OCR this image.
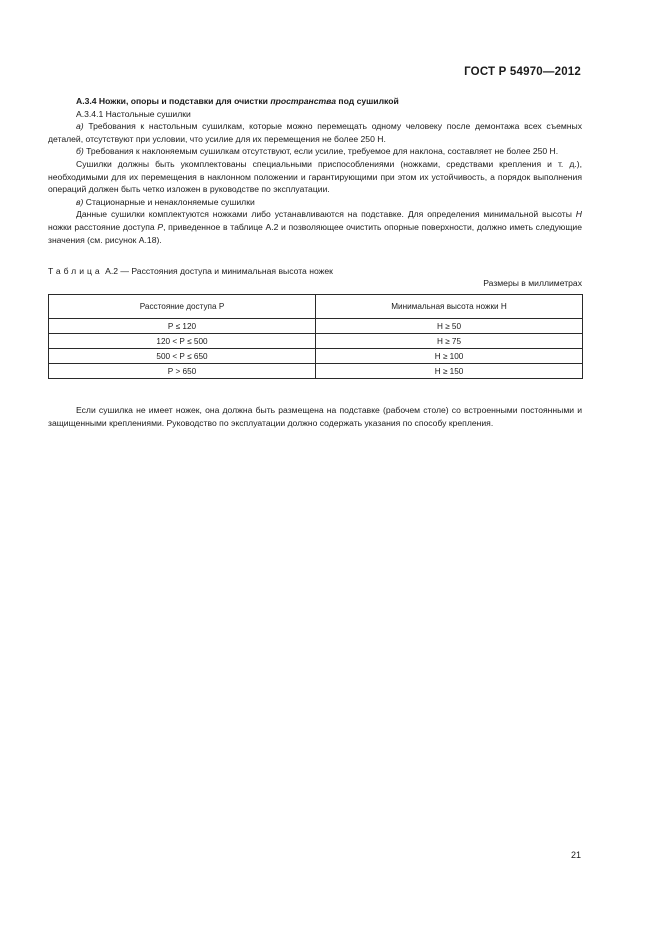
ГОСТ Р 54970—2012

А.3.4 Ножки, опоры и подставки для очистки пространства под сушилкой

А.3.4.1 Настольные сушилки

а) Требования к настольным сушилкам, которые можно перемещать одному человеку после демонтажа всех съемных деталей, отсутствуют при условии, что усилие для их перемещения не более 250 Н.

б) Требования к наклоняемым сушилкам отсутствуют, если усилие, требуемое для наклона, составляет не более 250 Н.

Сушилки должны быть укомплектованы специальными приспособлениями (ножками, средствами крепления и т. д.), необходимыми для их перемещения в наклонном положении и гарантирующими при этом их устойчивость, а порядок выполнения операций должен быть четко изложен в руководстве по эксплуатации.

в) Стационарные и ненаклоняемые сушилки

Данные сушилки комплектуются ножками либо устанавливаются на подставке. Для определения минимальной высоты Н ножки расстояние доступа Р, приведенное в таблице А.2 и позволяющее очистить опорные поверхности, должно иметь следующие значения (см. рисунок А.18).

Таблица А.2 — Расстояния доступа и минимальная высота ножек
Размеры в миллиметрах
Расстояние доступа Р	Минимальная высота ножки Н
Р ≤ 120	Н ≥ 50
120 < Р ≤ 500	Н ≥ 75
500 < Р ≤ 650	Н ≥ 100
Р > 650	Н ≥ 150

Если сушилка не имеет ножек, она должна быть размещена на подставке (рабочем столе) со встроенными постоянными и защищенными креплениями. Руководство по эксплуатации должно содержать указания по способу крепления.

21
